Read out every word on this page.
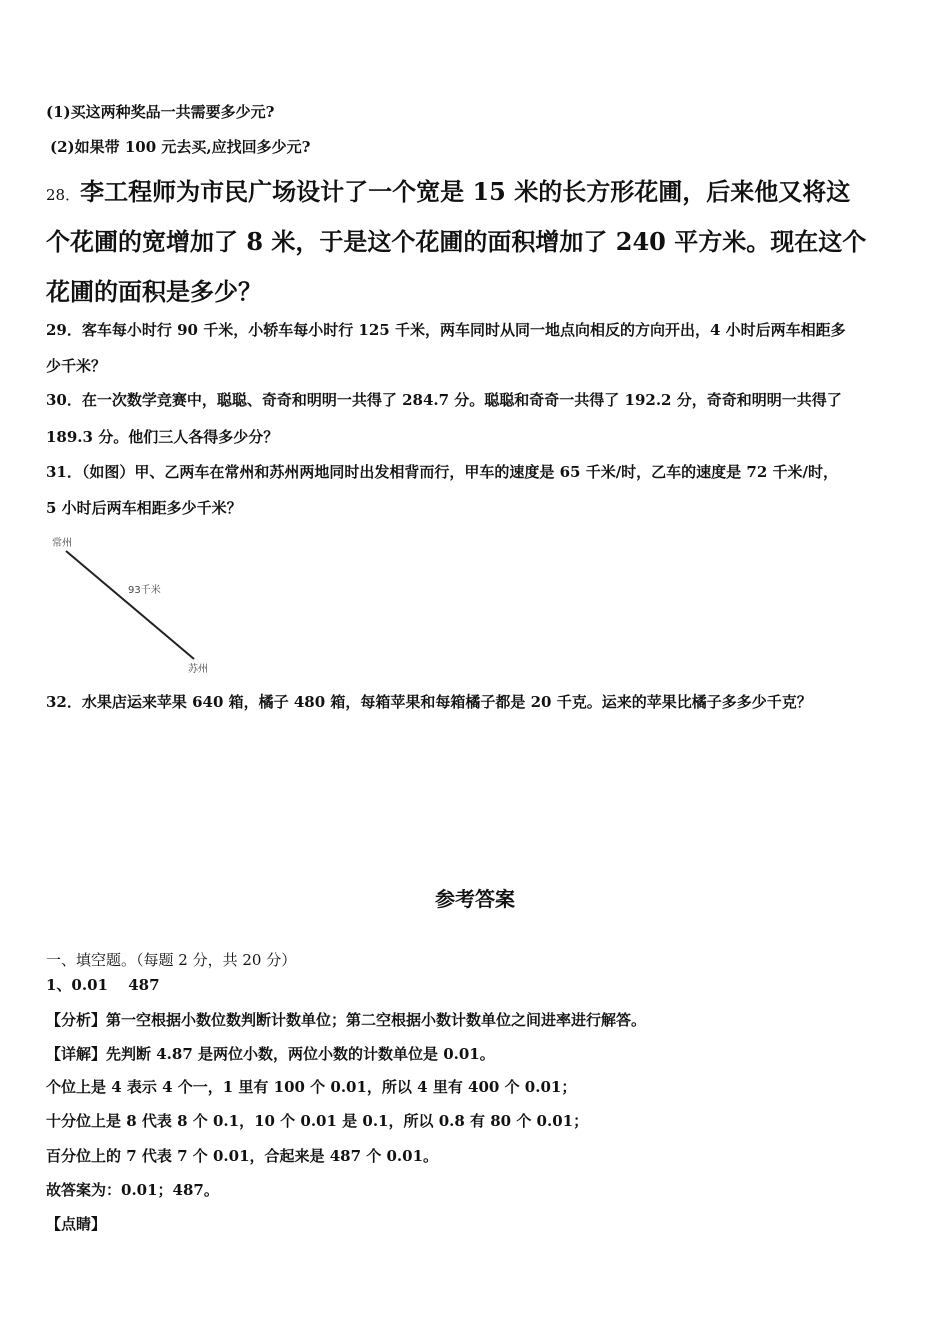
(1)买这两种奖品一共需要多少元?
(2)如果带 100 元去买,应找回多少元?
28．李工程师为市民广场设计了一个宽是 15 米的长方形花圃，后来他又将这
个花圃的宽增加了 8 米，于是这个花圃的面积增加了 240 平方米。现在这个
花圃的面积是多少？
29．客车每小时行 90 千米，小轿车每小时行 125 千米，两车同时从同一地点向相反的方向开出，4 小时后两车相距多
少千米？
30．在一次数学竞赛中，聪聪、奇奇和明明一共得了 284.7 分。聪聪和奇奇一共得了 192.2 分，奇奇和明明一共得了
189.3 分。他们三人各得多少分？
31．（如图）甲、乙两车在常州和苏州两地同时出发相背而行，甲车的速度是 65 千米/时，乙车的速度是 72 千米/时，
5 小时后两车相距多少千米？
常州
93千米
苏州
32．水果店运来苹果 640 箱，橘子 480 箱，每箱苹果和每箱橘子都是 20 千克。运来的苹果比橘子多多少千克？
参考答案
一、填空题。（每题 2 分，共 20 分）
1、0.01　 487
【分析】第一空根据小数位数判断计数单位；第二空根据小数计数单位之间进率进行解答。
【详解】先判断 4.87 是两位小数，两位小数的计数单位是 0.01。
个位上是 4 表示 4 个一，1 里有 100 个 0.01，所以 4 里有 400 个 0.01；
十分位上是 8 代表 8 个 0.1，10 个 0.01 是 0.1，所以 0.8 有 80 个 0.01；
百分位上的 7 代表 7 个 0.01，合起来是 487 个 0.01。
故答案为：0.01；487。
【点睛】
